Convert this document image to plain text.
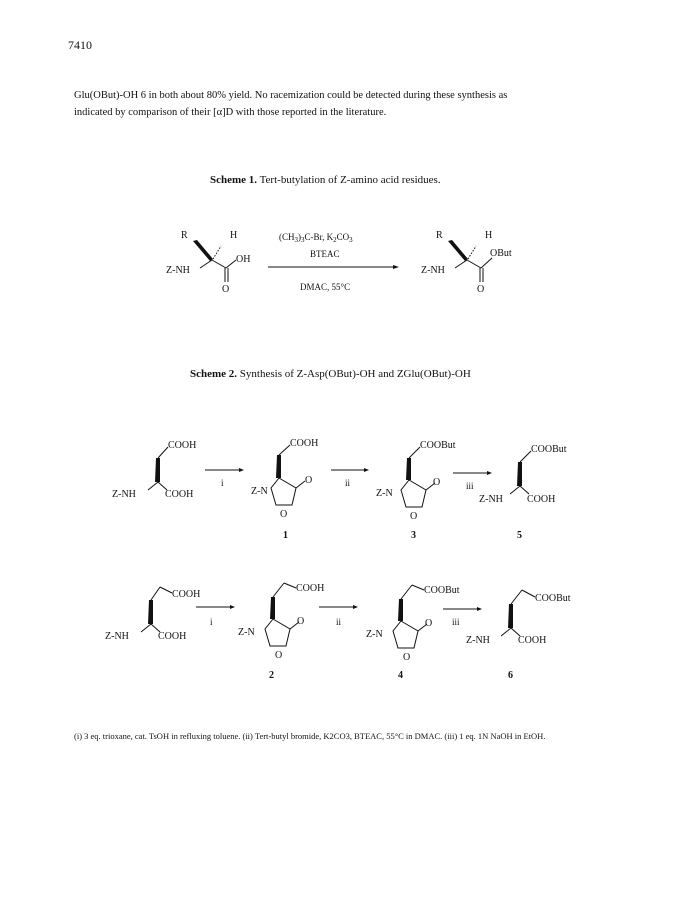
7410
Glu(OBut)-OH 6 in both about 80% yield. No racemization could be detected during these synthesis as
indicated by comparison of their [α]D with those reported in the literature.
Scheme 1. Tert-butylation of Z-amino acid residues.
Scheme 2. Synthesis of Z-Asp(OBut)-OH and ZGlu(OBut)-OH
R	H
OH
Z-NH
O
$(CH_3)_3C-Br$, $K_2CO_3$
BTEAC
DMAC, 55°C
R	H
OBut
Z-NH
O
COOH
Z-NH	COOH
i
COOH
Z-N
O
O
1
ii
COOBut
Z-N
O
O
3
iii
COOBut
Z-NH COOH
5
COOH
Z-NH	COOH
i
COOH
Z-N
O
O
2
ii
COOBut
Z-N
O
O
4
iii
COOBut
Z-NH	COOH
6
(i) 3 eq. trioxane, cat. TsOH in refluxing toluene. (ii) Tert-butyl bromide, K2CO3, BTEAC, 55°C in DMAC. (iii) 1 eq. 1N NaOH in EtOH.
